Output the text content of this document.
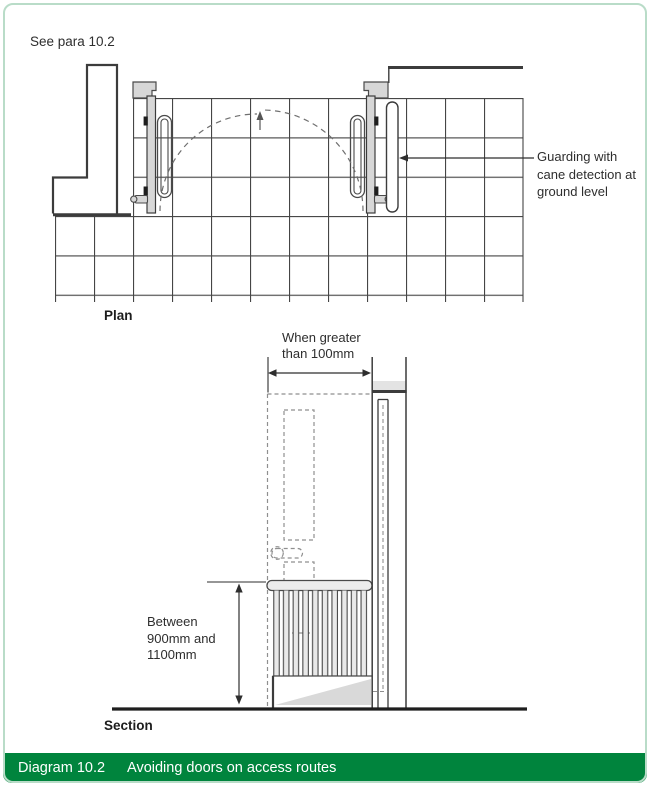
See para 10.2
Guarding with cane detection at ground level
Plan
When greater than 100mm
Between 900mm and 1100mm
Section
Diagram 10.2 Avoiding doors on access routes
